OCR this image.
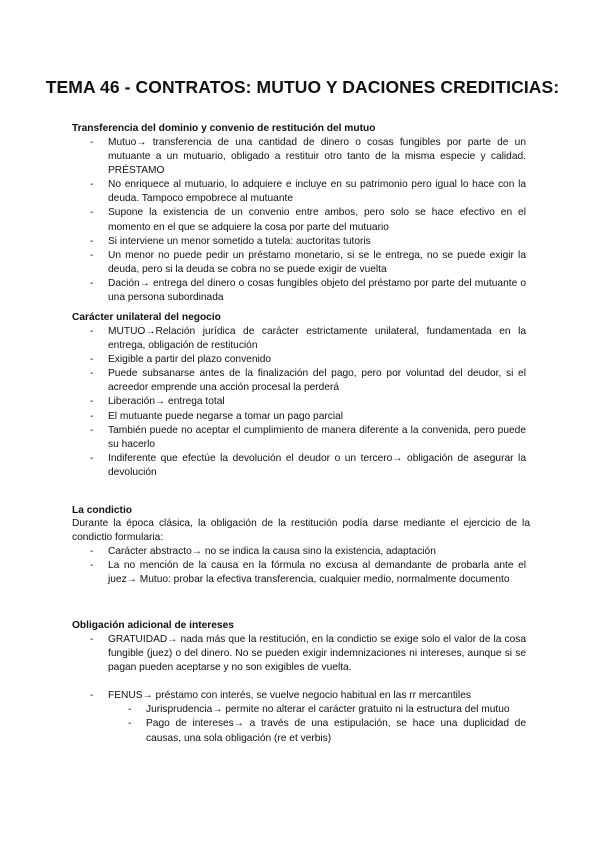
TEMA 46 - CONTRATOS: MUTUO Y DACIONES CREDITICIAS:
Transferencia del dominio y convenio de restitución del mutuo
- Mutuo→ transferencia de una cantidad de dinero o cosas fungibles por parte de un mutuante a un mutuario, obligado a restituir otro tanto de la misma especie y calidad. PRÉSTAMO
- No enriquece al mutuario, lo adquiere e incluye en su patrimonio pero igual lo hace con la deuda. Tampoco empobrece al mutuante
- Supone la existencia de un convenio entre ambos, pero solo se hace efectivo en el momento en el que se adquiere la cosa por parte del mutuario
- Si interviene un menor sometido a tutela: auctoritas tutoris
- Un menor no puede pedir un préstamo monetario, si se le entrega, no se puede exigir la deuda, pero si la deuda se cobra no se puede exigir de vuelta
- Dación→ entrega del dinero o cosas fungibles objeto del préstamo por parte del mutuante o una persona subordinada
Carácter unilateral del negocio
- MUTUO→Relación jurídica de carácter estrictamente unilateral, fundamentada en la entrega, obligación de restitución
- Exigible a partir del plazo convenido
- Puede subsanarse antes de la finalización del pago, pero por voluntad del deudor, si el acreedor emprende una acción procesal la perderá
- Liberación→ entrega total
- El mutuante puede negarse a tomar un pago parcial
- También puede no aceptar el cumplimiento de manera diferente a la convenida, pero puede su hacerlo
- Indiferente que efectúe la devolución el deudor o un tercero→ obligación de asegurar la devolución
La condictio
Durante la época clásica, la obligación de la restitución podía darse mediante el ejercicio de la condictio formularia:
- Carácter abstracto→ no se indica la causa sino la existencia, adaptación
- La no mención de la causa en la fórmula no excusa al demandante de probarla ante el juez→ Mutuo: probar la efectiva transferencia, cualquier medio, normalmente documento
Obligación adicional de intereses
- GRATUIDAD→ nada más que la restitución, en la condictio se exige solo el valor de la cosa fungible (juez) o del dinero. No se pueden exigir indemnizaciones ni intereses, aunque si se pagan pueden aceptarse y no son exigibles de vuelta.
- FENUS→ préstamo con interés, se vuelve negocio habitual en las rr mercantiles
- Jurisprudencia→ permite no alterar el carácter gratuito ni la estructura del mutuo
- Pago de intereses→ a través de una estipulación, se hace una duplicidad de causas, una sola obligación (re et verbis)
